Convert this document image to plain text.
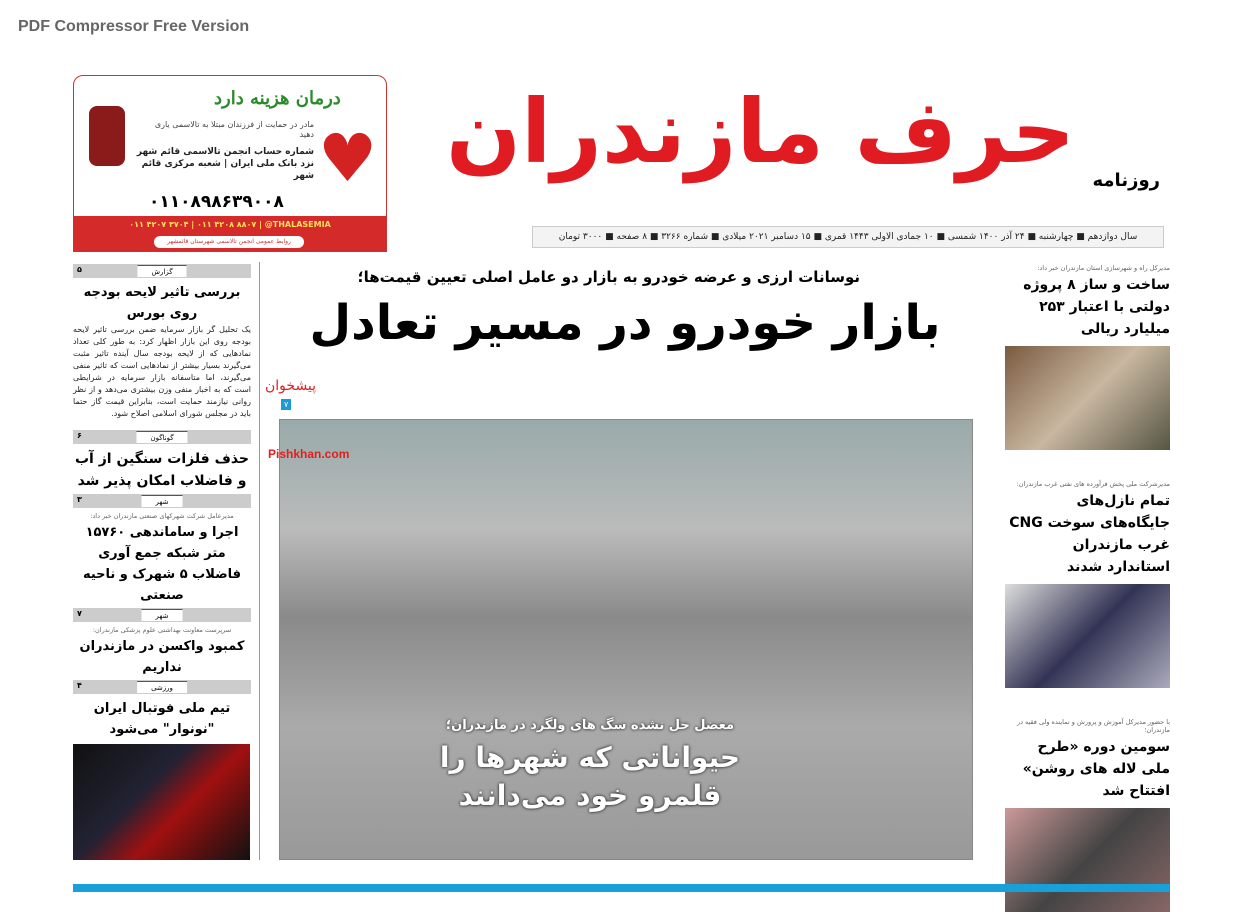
PDF Compressor Free Version
درمان هزینه دارد
مادر در حمایت از فرزندان مبتلا به تالاسمی یاری دهید
شماره حساب انجمن تالاسمی قائم شهر نزد بانک ملی ایران | شعبه مرکزی قائم شهر
۰۱۱۰۸۹۸۶۳۹۰۰۸
♥
۰۱۱ ۴۲۰۷ ۳۷۰۴ | ۰۱۱ ۴۲۰۸ ۸۸۰۷ | @THALASEMIA
روابط عمومی انجمن تالاسمی شهرستان قائمشهر
حرف مازندران روزنامه
سال دوازدهم ■ چهارشنبه ■ ۲۴ آذر ۱۴۰۰ شمسی ■ ۱۰ جمادی الاولی ۱۴۴۳ قمری ■ ۱۵ دسامبر ۲۰۲۱ میلادی ■ شماره ۳۲۶۶ ■ ۸ صفحه ■ ۳۰۰۰ تومان
۵	گزارش
بررسی تاثیر لایحه بودجه روی بورس
یک تحلیل گر بازار سرمایه ضمن بررسی تاثیر لایحه بودجه روی این بازار اظهار کرد: به طور کلی تعداد نمادهایی که از لایحه بودجه سال آینده تاثیر مثبت می‌گیرند بسیار بیشتر از نمادهایی است که تاثیر منفی می‌گیرند، اما متاسفانه بازار سرمایه در شرایطی است که به اخبار منفی وزن بیشتری می‌دهد و از نظر روانی نیازمند حمایت است، بنابراین قیمت گاز حتما باید در مجلس شورای اسلامی اصلاح شود.
۶	گوناگون
حذف فلزات سنگین از آب و فاضلاب امکان پذیر شد
۳	شهر
مدیرعامل شرکت شهرکهای صنعتی مازندران خبر داد:
اجرا و ساماندهی ۱۵۷۶۰ متر شبکه جمع آوری فاضلاب ۵ شهرک و ناحیه صنعتی
۷	شهر
سرپرست معاونت بهداشتی علوم پزشکی مازندران:
کمبود واکسن در مازندران نداریم
۴	ورزشی
تیم ملی فوتبال ایران "نونوار" می‌شود
نوسانات ارزی و عرضه خودرو به بازار دو عامل اصلی تعیین قیمت‌ها؛
بازار خودرو در مسیر تعادل
معضل حل نشده سگ های ولگرد در مازندران؛
حیواناتی که شهرها را قلمرو خود می‌دانند
پیشخوان
Pishkhan.com
۷
مدیرکل راه و شهرسازی استان مازندران خبر داد:
ساخت و ساز ۸ پروژه دولتی با اعتبار ۲۵۳ میلیارد ریالی
مدیرشرکت ملی پخش فرآورده های نفتی غرب مازندران:
تمام نازل‌های جایگاه‌های سوخت CNG غرب مازندران استاندارد شدند
با حضور مدیرکل آموزش و پرورش و نماینده ولی فقیه در مازندران؛
سومین دوره «طرح ملی لاله های روشن» افتتاح شد
